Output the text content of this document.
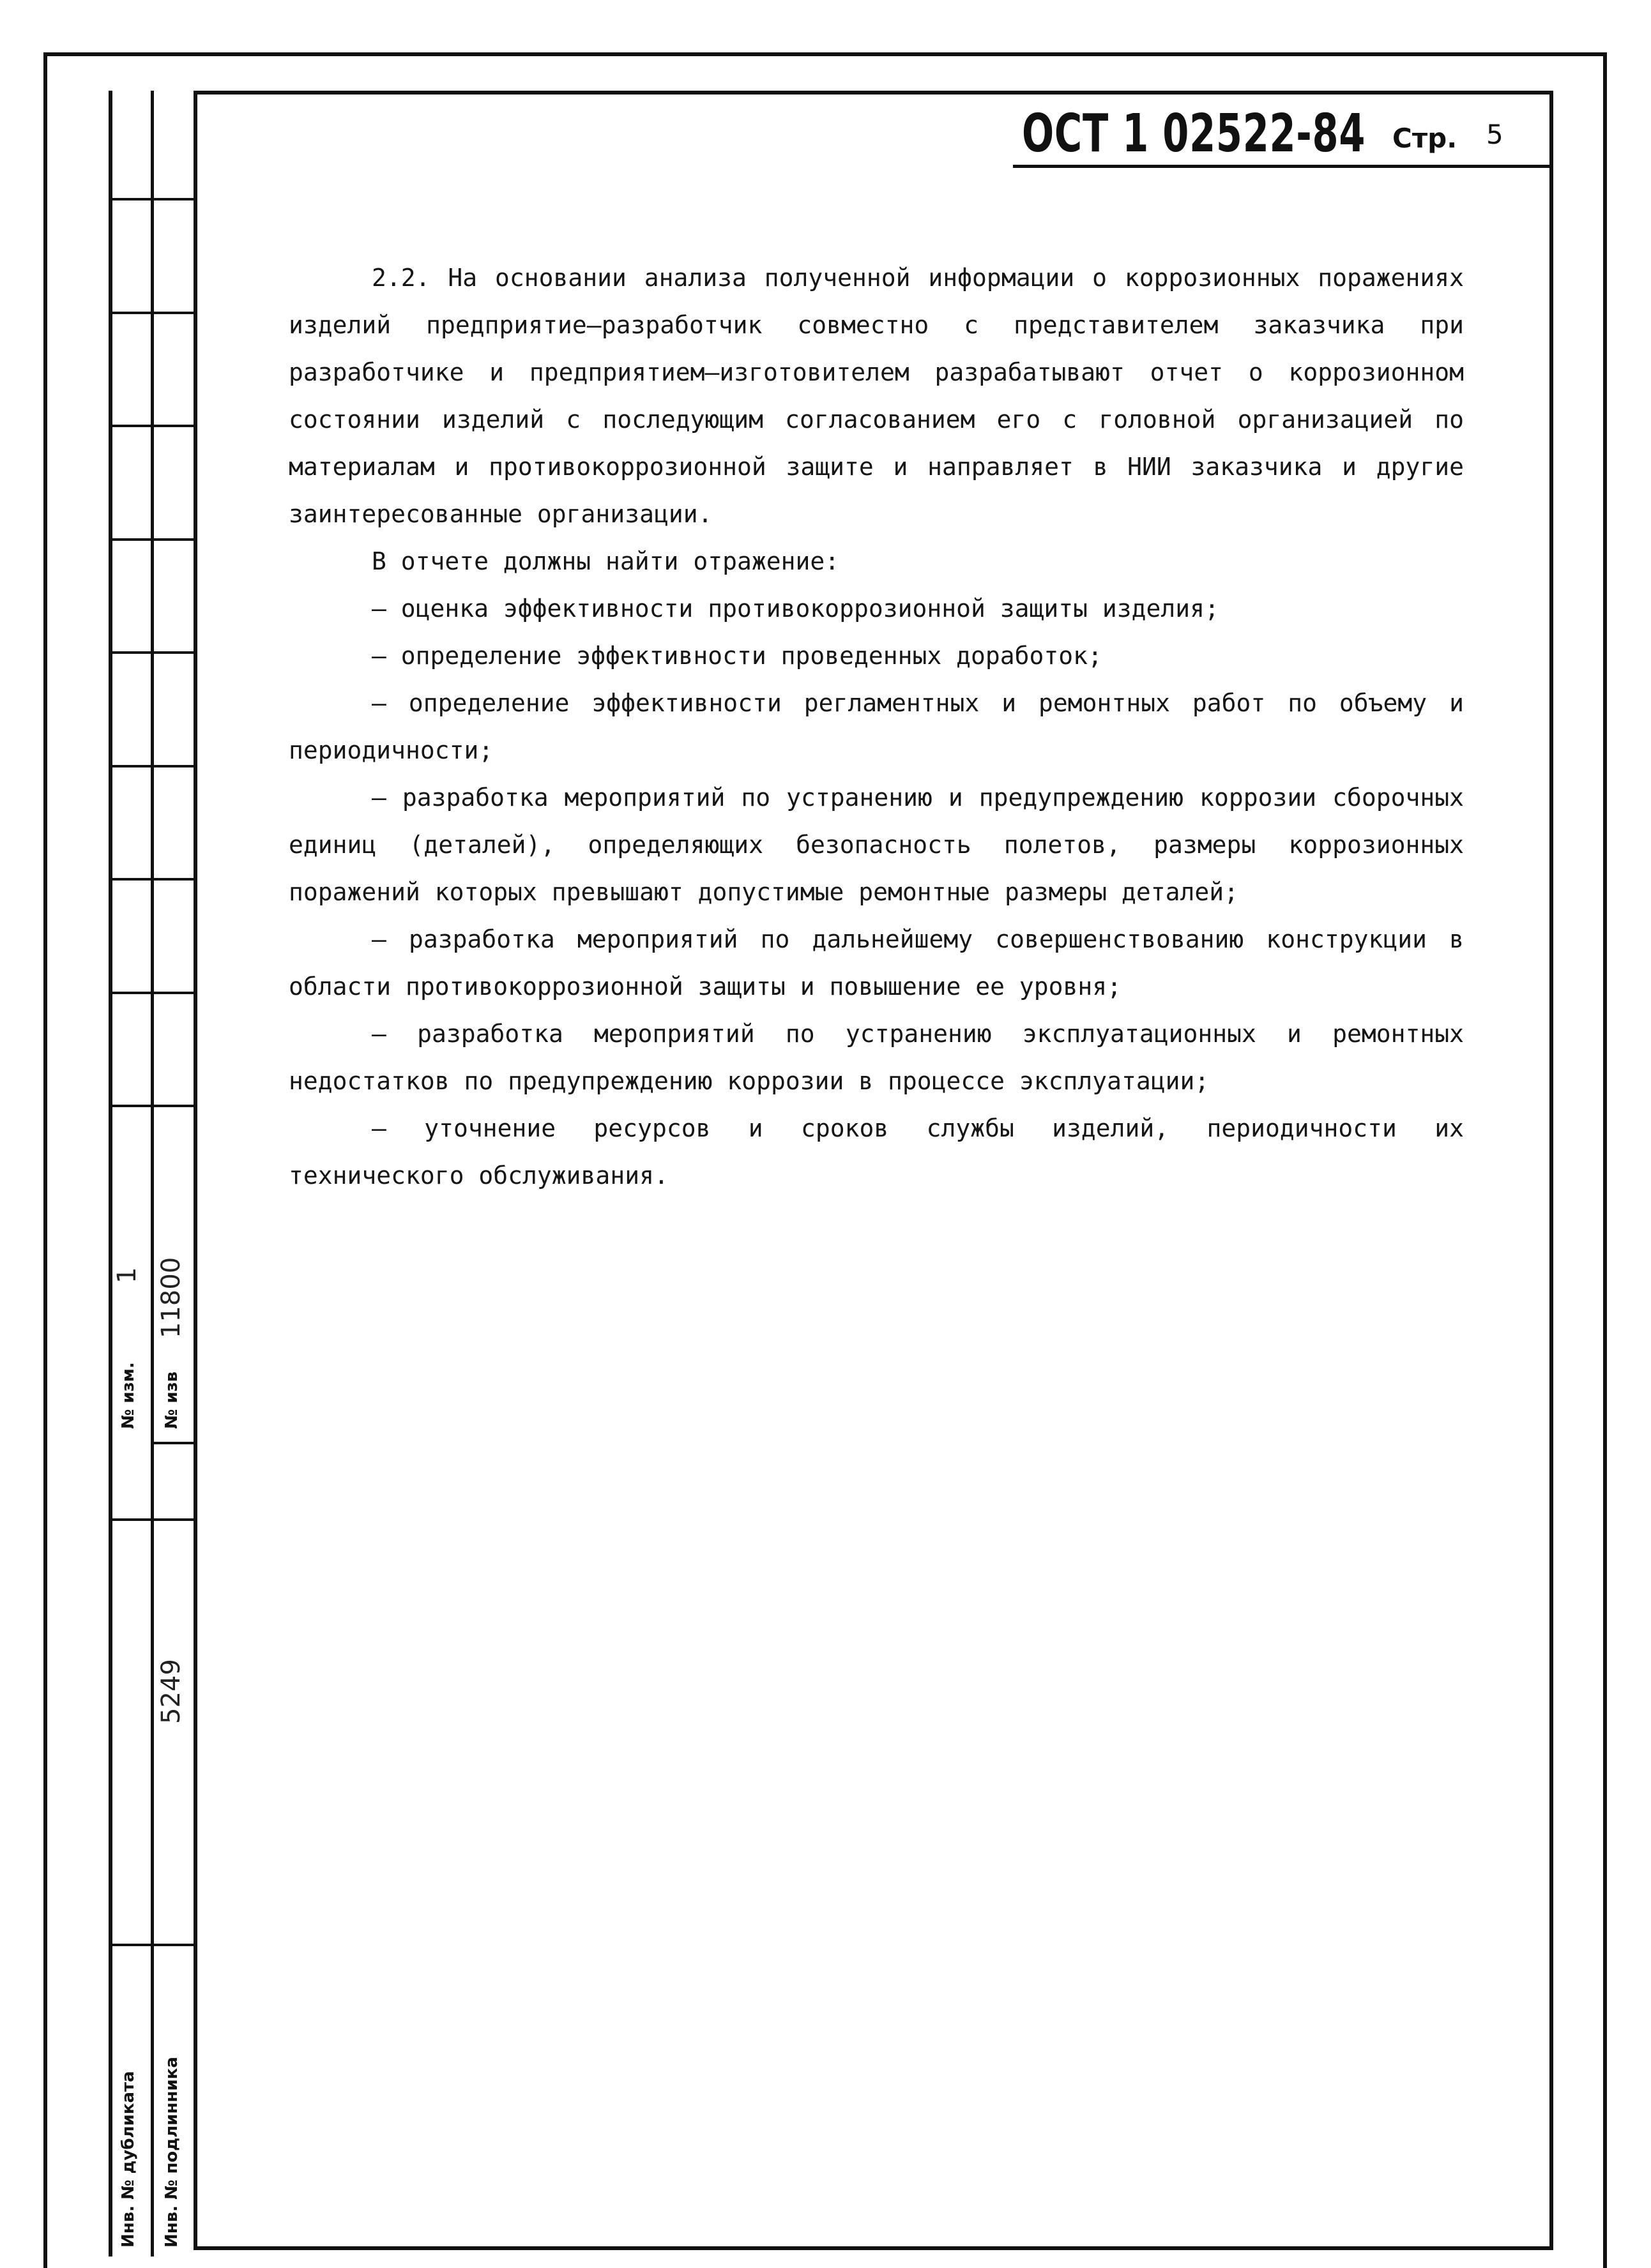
ОСТ 1 02522-84 Стр. 5

2.2. На основании анализа полученной информации о коррозионных поражениях изделий предприятие–разработчик совместно с представителем заказчика при разработчике и предприятием–изготовителем разрабатывают отчет о коррозионном состоянии изделий с последующим согласованием его с головной организацией по материалам и противокоррозионной защите и направляет в НИИ заказчика и другие заинтересованные организации.

В отчете должны найти отражение:

– оценка эффективности противокоррозионной защиты изделия;

– определение эффективности проведенных доработок;

– определение эффективности регламентных и ремонтных работ по объему и периодичности;

– разработка мероприятий по устранению и предупреждению коррозии сборочных единиц (деталей), определяющих безопасность полетов, размеры коррозионных поражений которых превышают допустимые ремонтные размеры деталей;

– разработка мероприятий по дальнейшему совершенствованию конструкции в области противокоррозионной защиты и повышение ее уровня;

– разработка мероприятий по устранению эксплуатационных и ремонтных недостатков по предупреждению коррозии в процессе эксплуатации;

– уточнение ресурсов и сроков службы изделий, периодичности их технического обслуживания.

№ изм.
1
№ изв
11800
Инв. № дубликата Инв. № подлинника
5249
